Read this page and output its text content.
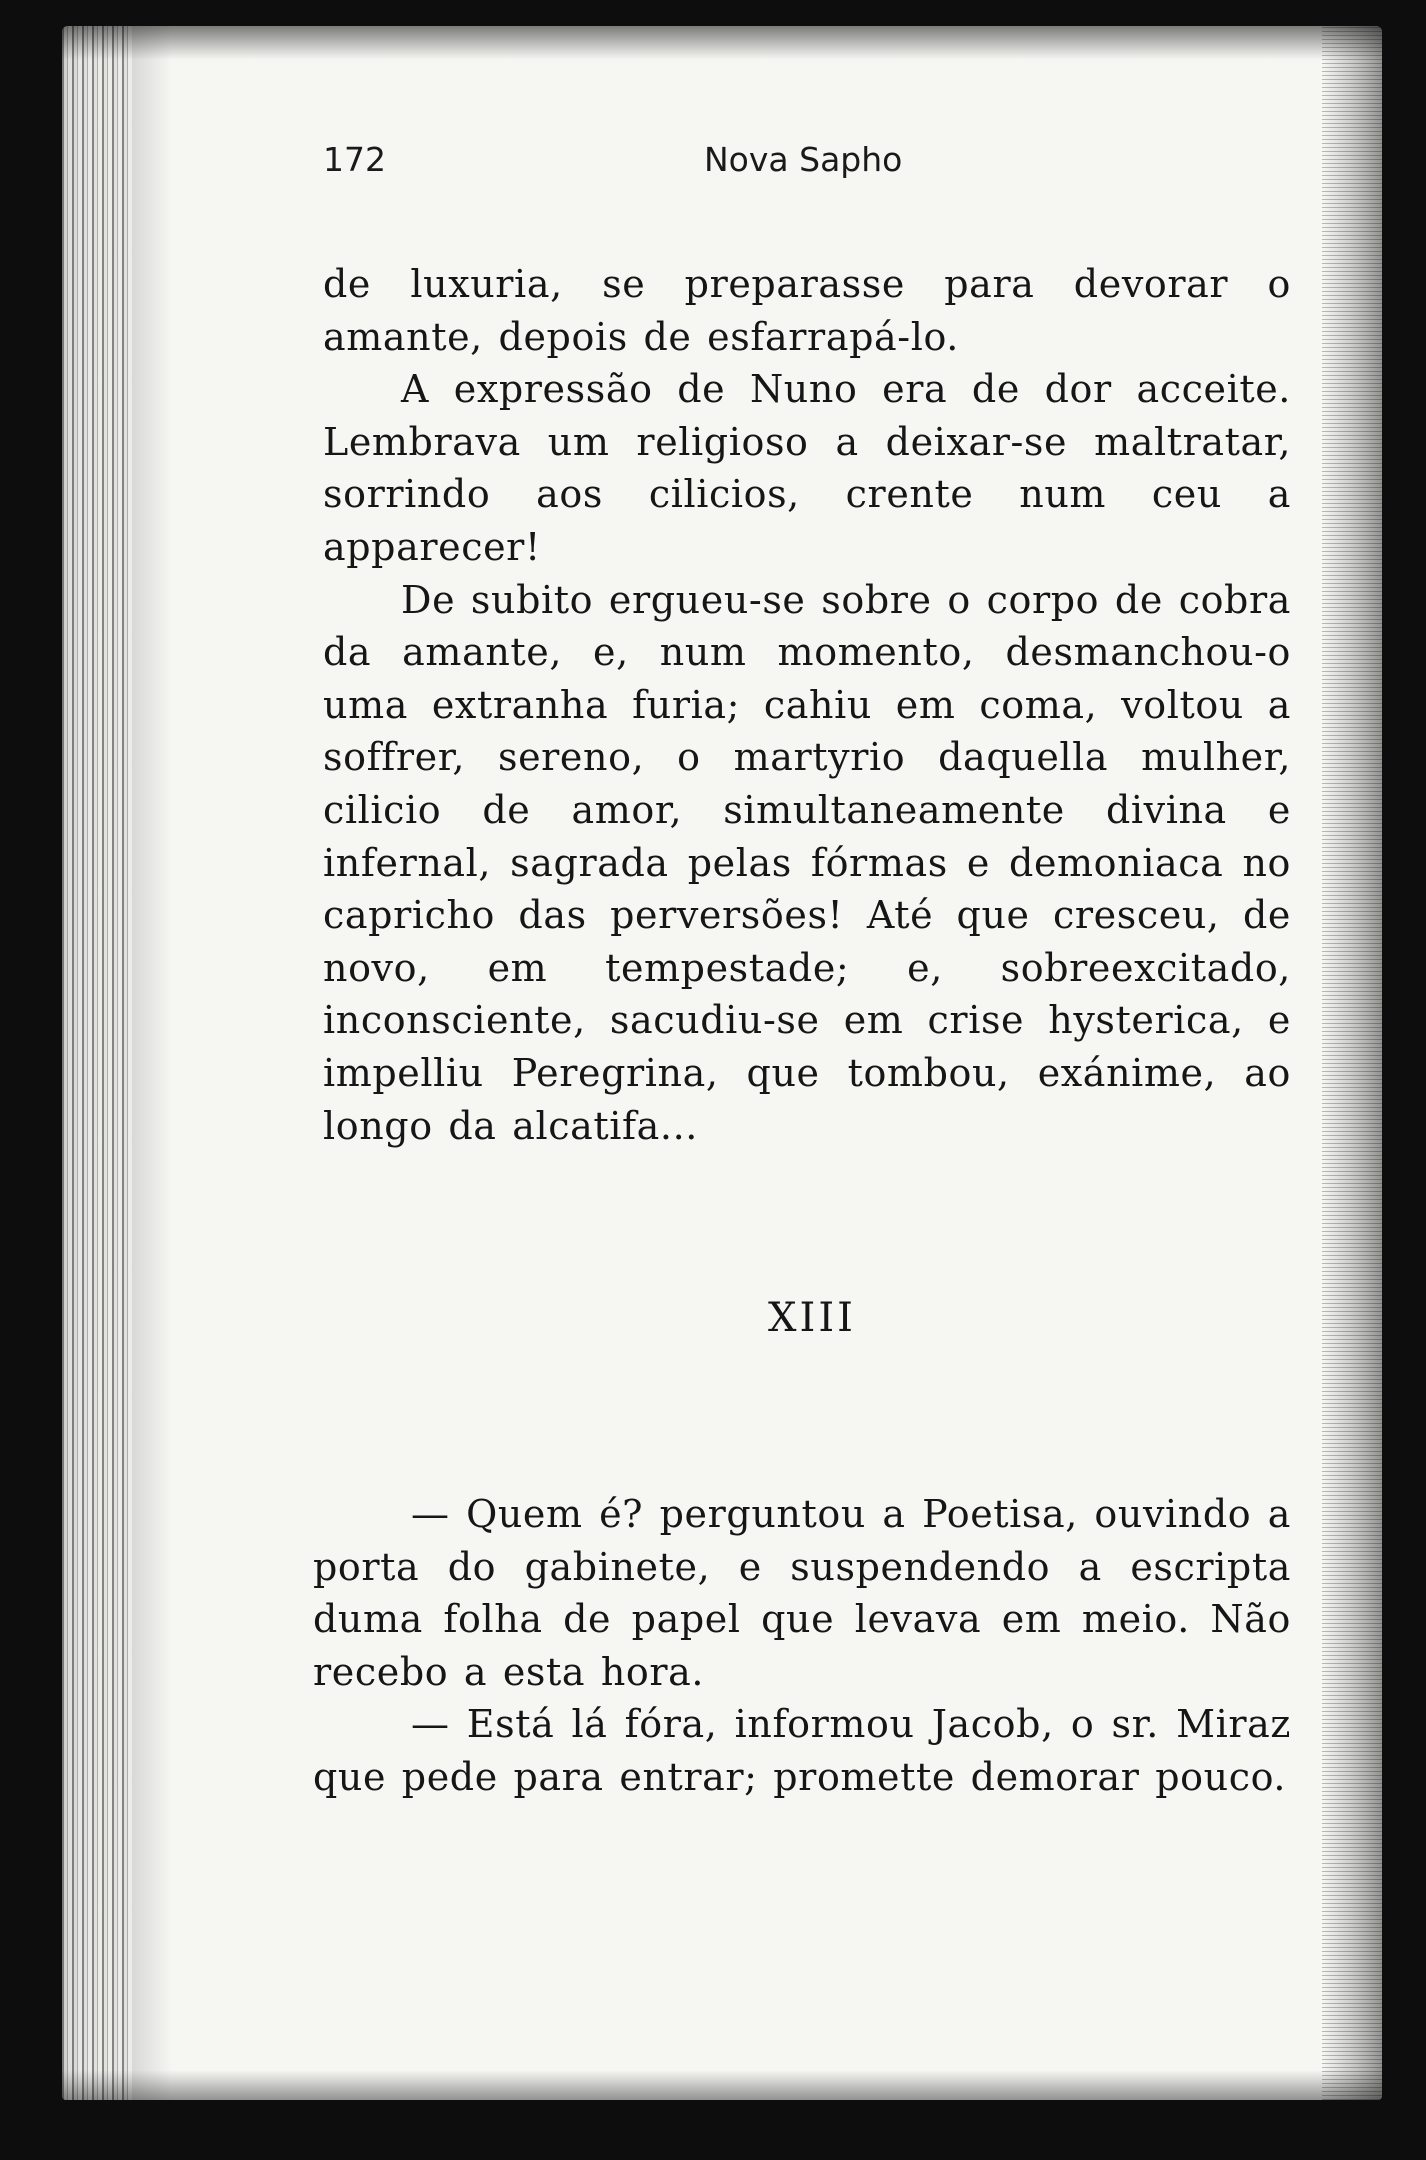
172	Nova Sapho

de luxuria, se preparasse para devorar o amante, depois de esfarrapá-lo.

A expressão de Nuno era de dor acceite. Lembrava um religioso a deixar-se maltratar, sorrindo aos cilicios, crente num ceu a apparecer!

De subito ergueu-se sobre o corpo de cobra da amante, e, num momento, desmanchou-o uma extranha furia; cahiu em coma, voltou a soffrer, sereno, o martyrio daquella mulher, cilicio de amor, simultaneamente divina e infernal, sagrada pelas fórmas e demoniaca no capricho das perversões! Até que cresceu, de novo, em tempestade; e, sobreexcitado, inconsciente, sacudiu-se em crise hysterica, e impelliu Peregrina, que tombou, exánime, ao longo da alcatifa...

XIII

— Quem é? perguntou a Poetisa, ouvindo a porta do gabinete, e suspendendo a escripta duma folha de papel que levava em meio. Não recebo a esta hora.

— Está lá fóra, informou Jacob, o sr. Miraz que pede para entrar; promette demorar pouco.
